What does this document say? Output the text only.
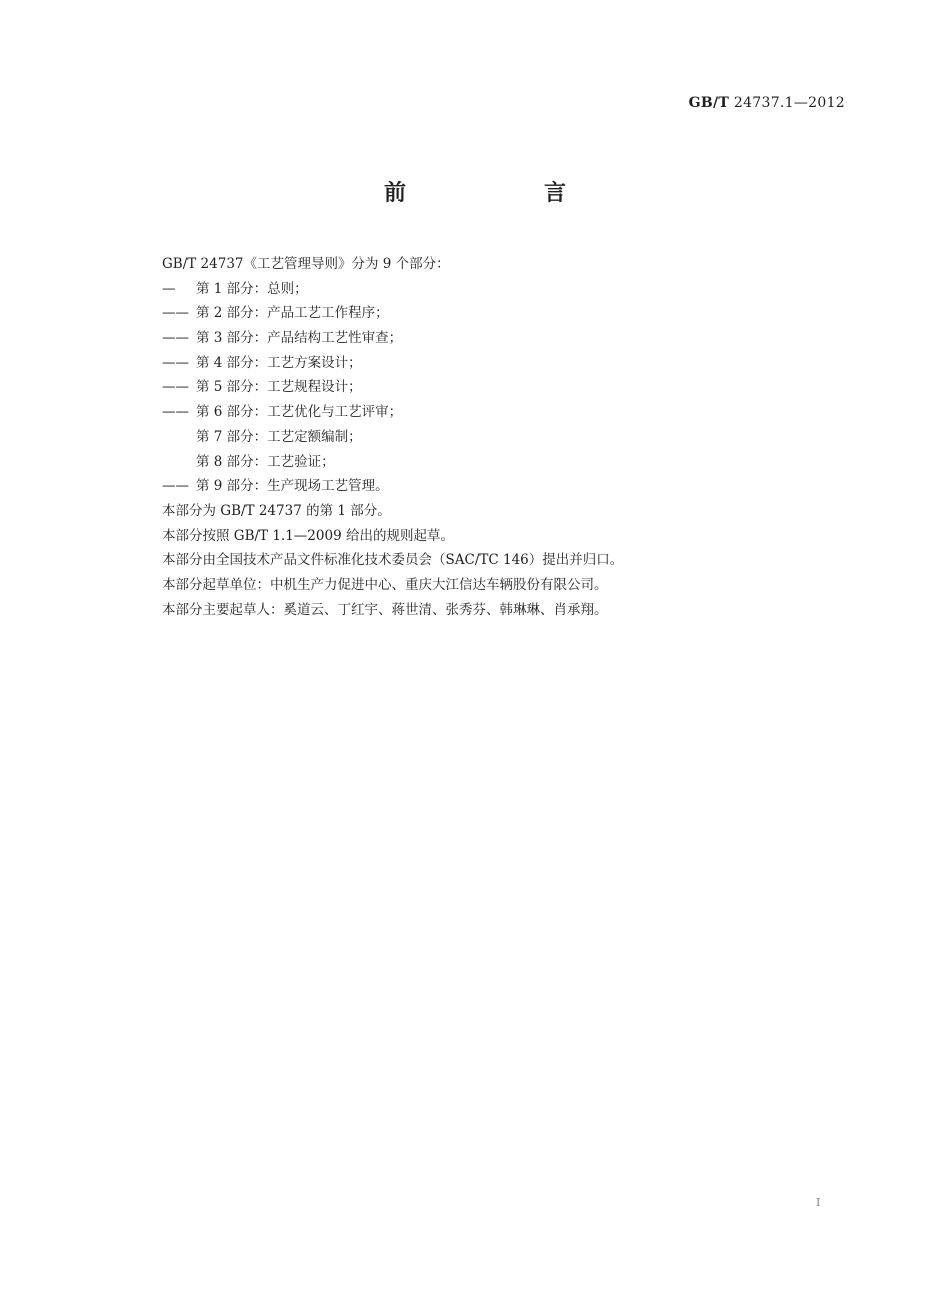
GB/T 24737.1—2012
前　言
GB/T 24737《工艺管理导则》分为 9 个部分：
— 第 1 部分：总则；
—— 第 2 部分：产品工艺工作程序；
—— 第 3 部分：产品结构工艺性审查；
—— 第 4 部分：工艺方案设计；
—— 第 5 部分：工艺规程设计；
—— 第 6 部分：工艺优化与工艺评审；
第 7 部分：工艺定额编制；
第 8 部分：工艺验证；
—— 第 9 部分：生产现场工艺管理。
本部分为 GB/T 24737 的第 1 部分。
本部分按照 GB/T 1.1—2009 给出的规则起草。
本部分由全国技术产品文件标准化技术委员会（SAC/TC 146）提出并归口。
本部分起草单位：中机生产力促进中心、重庆大江信达车辆股份有限公司。
本部分主要起草人：奚道云、丁红宇、蒋世清、张秀芬、韩琳琳、肖承翔。
I
